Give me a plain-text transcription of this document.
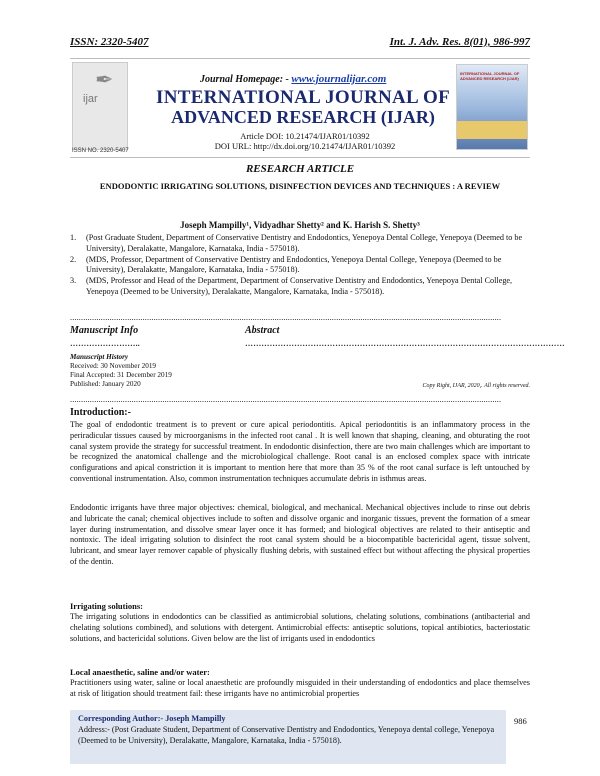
ISSN: 2320-5407	Int. J. Adv. Res. 8(01), 986-997
✒
ijar
ISSN NO. 2320-5407
Journal Homepage: - www.journalijar.com
INTERNATIONAL JOURNAL OF
ADVANCED RESEARCH (IJAR)
Article DOI: 10.21474/IJAR01/10392
DOI URL: http://dx.doi.org/10.21474/IJAR01/10392
INTERNATIONAL JOURNAL OF ADVANCED RESEARCH (IJAR)
RESEARCH ARTICLE
ENDODONTIC IRRIGATING SOLUTIONS, DISINFECTION DEVICES AND TECHNIQUES : A REVIEW
Joseph Mampilly¹, Vidyadhar Shetty² and K. Harish S. Shetty³
1.	(Post Graduate Student, Department of Conservative Dentistry and Endodontics, Yenepoya Dental College, Yenepoya (Deemed to be University), Deralakatte, Mangalore, Karnataka, India - 575018).
2.	(MDS, Professor, Department of Conservative Dentistry and Endodontics, Yenepoya Dental College, Yenepoya (Deemed to be University), Deralakatte, Mangalore, Karnataka, India - 575018).
3.	(MDS, Professor and Head of the Department, Department of Conservative Dentistry and Endodontics, Yenepoya Dental College, Yenepoya (Deemed to be University), Deralakatte, Mangalore, Karnataka, India - 575018).
....................................................................................................................................................................................................
Manuscript Info	Abstract
……………………..	………………………………………………………………………………………………………
Manuscript History
Received: 30 November 2019
Final Accepted: 31 December 2019
Published: January 2020	Copy Right, IJAR, 2020,. All rights reserved.
....................................................................................................................................................................................................
Introduction:-
The goal of endodontic treatment is to prevent or cure apical periodontitis. Apical periodontitis is an inflammatory process in the periradicular tissues caused by microorganisms in the infected root canal . It is well known that shaping, cleaning, and obturating the root canal system provide the strategy for successful treatment. In endodontic disinfection, there are two main challenges which are important to be recognized the anatomical challenge and the microbiological challenge. Root canal is an enclosed complex space with intricate configurations and apical constriction it is important to mention here that more than 35 % of the root canal surface is left untouched by conventional instrumentation. Also, common instrumentation techniques accumulate debris in isthmus areas.
Endodontic irrigants have three major objectives: chemical, biological, and mechanical. Mechanical objectives include to rinse out debris and lubricate the canal; chemical objectives include to soften and dissolve organic and inorganic tissues, prevent the formation of a smear layer during instrumentation, and dissolve smear layer once it has formed; and biological objectives are related to their antiseptic and nontoxic. The ideal irrigating solution to disinfect the root canal system should be a biocompatible bactericidal agent, tissue solvent, lubricant, and smear layer remover capable of physically flushing debris, with sustained effect but without affecting the physical properties of the dentin.
Irrigating solutions:
The irrigating solutions in endodontics can be classified as antimicrobial solutions, chelating solutions, combinations (antibacterial and chelating solutions combined), and solutions with detergent. Antimicrobial effects: antiseptic solutions, topical antibiotics, bacteriostatic solutions, and bactericidal solutions. Given below are the list of irrigants used in endodontics
Local anaesthetic, saline and/or water:
Practitioners using water, saline or local anaesthetic are profoundly misguided in their understanding of endodontics and place themselves at risk of litigation should treatment fail: these irrigants have no antimicrobial properties
Corresponding Author:- Joseph Mampilly
Address:- (Post Graduate Student, Department of Conservative Dentistry and Endodontics, Yenepoya dental college, Yenepoya (Deemed to be University), Deralakatte, Mangalore, Karnataka, India - 575018).
986
